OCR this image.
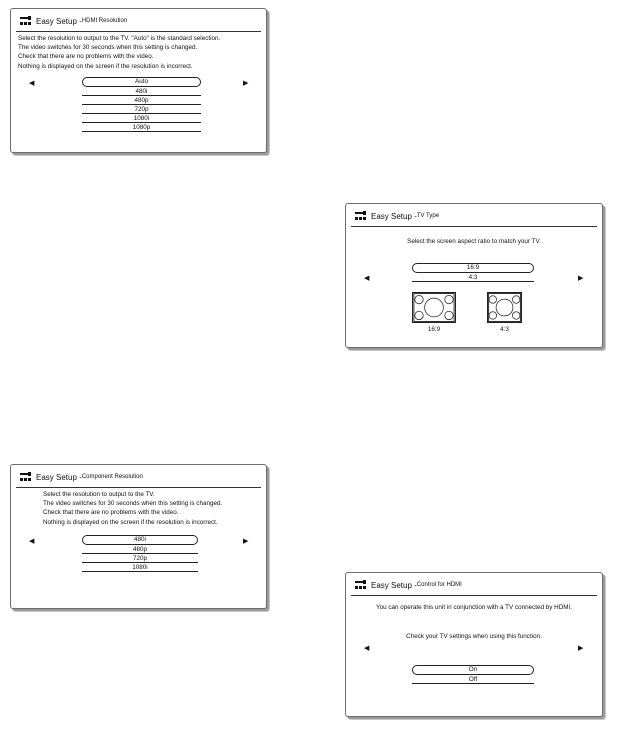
Easy Setup - HDMI Resolution
Select the resolution to output to the TV. "Auto" is the standard selection.
The video switches for 30 seconds when this setting is changed.
Check that there are no problems with the video.
Nothing is displayed on the screen if the resolution is incorrect.
◀	▶
Auto
480i
480p
720p
1080i
1080p
Easy Setup - TV Type
Select the screen aspect ratio to match your TV.
◀	▶
16:9
4:3
16:9	4:3
Easy Setup - Component Resolution
Select the resolution to output to the TV.
The video switches for 30 seconds when this setting is changed.
Check that there are no problems with the video.
Nothing is displayed on the screen if the resolution is incorrect.
◀	▶
480i
480p
720p
1080i
Easy Setup - Control for HDMI
You can operate this unit in conjunction with a TV connected by HDMI.
Check your TV settings when using this function.
◀	▶
On
Off
